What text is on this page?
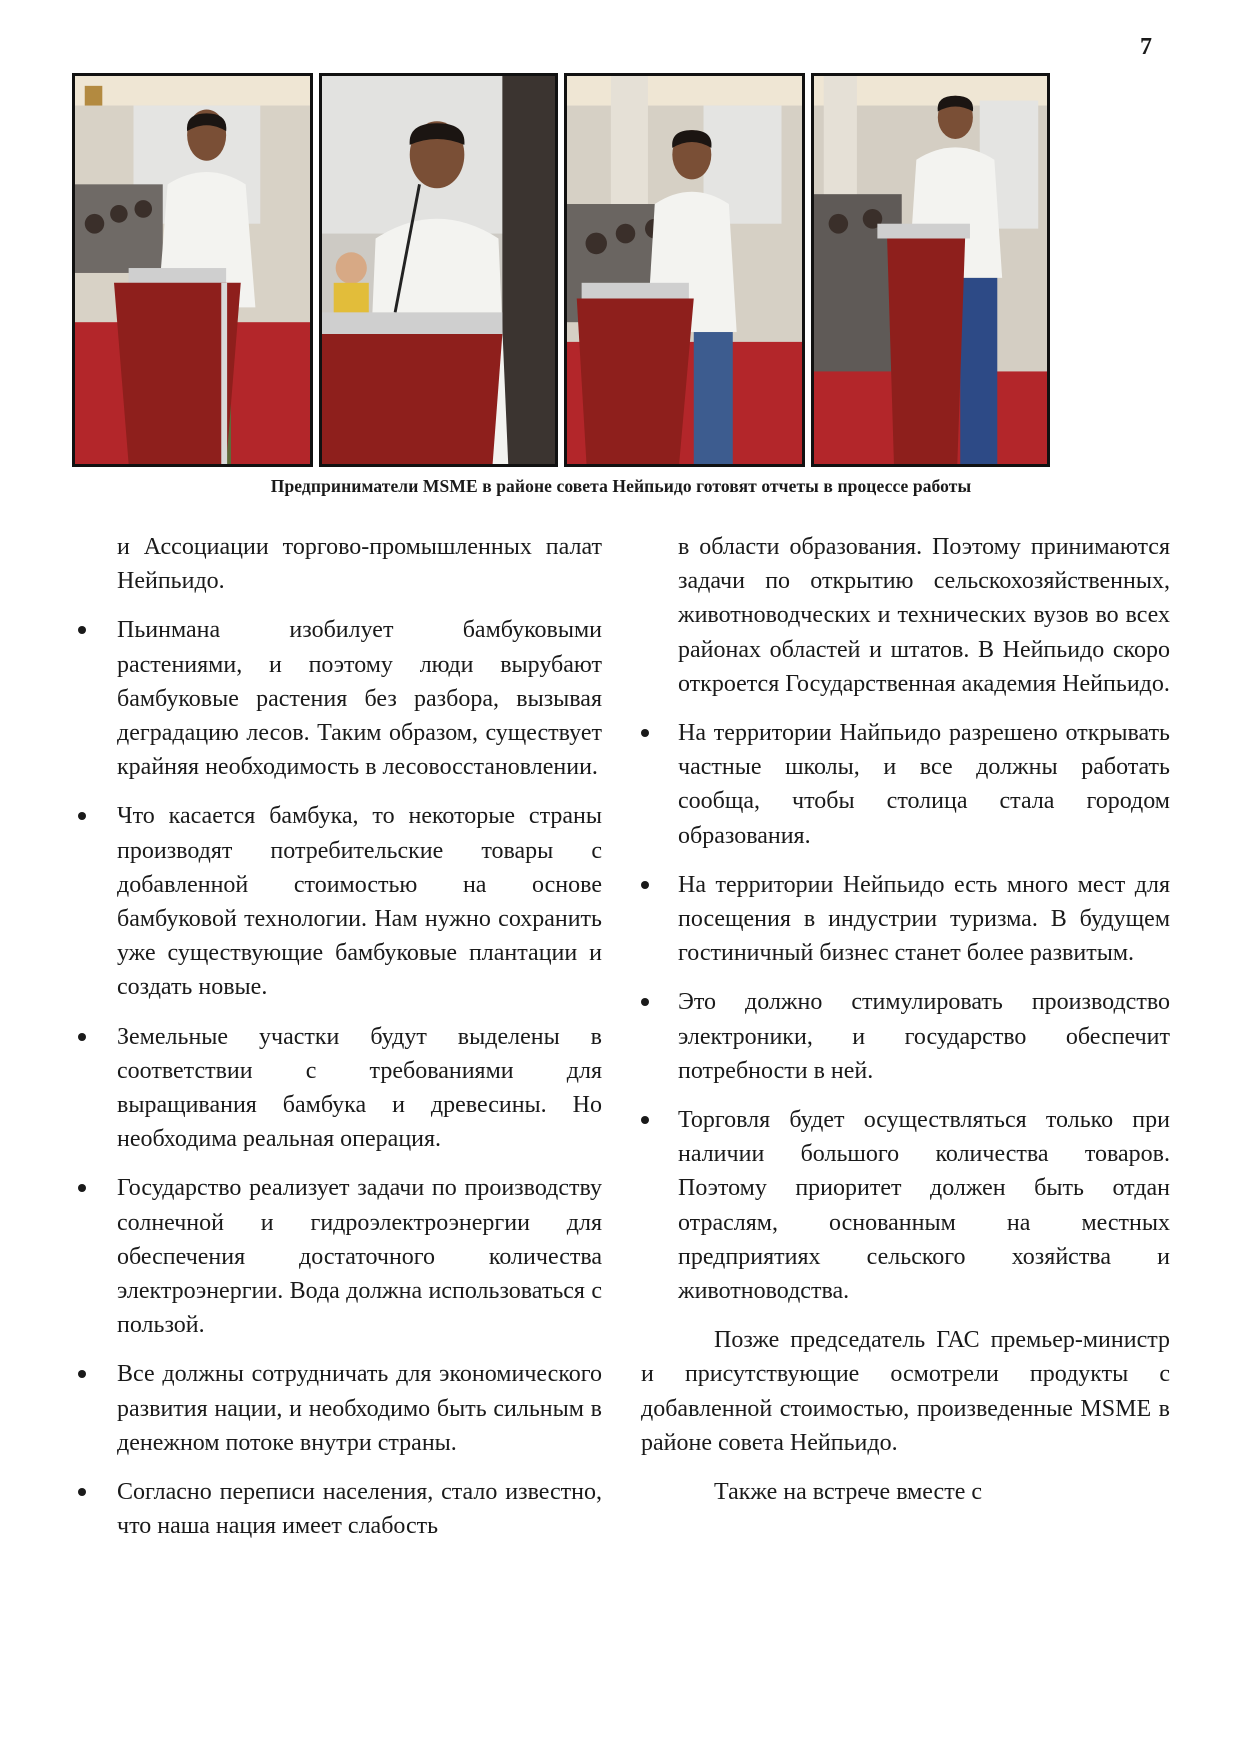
7
Предприниматели MSME в районе совета Нейпьидо готовят отчеты в процессе работы

и Ассоциации торгово-промышленных палат Нейпьидо.

Пьинмана изобилует бамбуковыми растениями, и поэтому люди вырубают бамбуковые растения без разбора, вызывая деградацию лесов. Таким образом, существует крайняя необходимость в лесовосстановлении.
Что касается бамбука, то некоторые страны производят потребительские товары с добавленной стоимостью на основе бамбуковой технологии. Нам нужно сохранить уже существующие бамбуковые плантации и создать новые.
Земельные участки будут выделены в соответствии с требованиями для выращивания бамбука и древесины. Но необходима реальная операция.
Государство реализует задачи по производству солнечной и гидроэлектроэнергии для обеспечения достаточного количества электроэнергии. Вода должна использоваться с пользой.
Все должны сотрудничать для экономического развития нации, и необходимо быть сильным в денежном потоке внутри страны.
Согласно переписи населения, стало известно, что наша нация имеет слабость

в области образования. Поэтому принимаются задачи по открытию сельскохозяйственных, животноводческих и технических вузов во всех районах областей и штатов. В Нейпьидо скоро откроется Государственная академия Нейпьидо.

На территории Найпьидо разрешено открывать частные школы, и все должны работать сообща, чтобы столица стала городом образования.
На территории Нейпьидо есть много мест для посещения в индустрии туризма. В будущем гостиничный бизнес станет более развитым.
Это должно стимулировать производство электроники, и государство обеспечит потребности в ней.
Торговля будет осуществляться только при наличии большого количества товаров. Поэтому приоритет должен быть отдан отраслям, основанным на местных предприятиях сельского хозяйства и животноводства.

Позже председатель ГАС премьер-министр и присутствующие осмотрели продукты с добавленной стоимостью, произведенные MSME в районе совета Нейпьидо.

Также на встрече вместе с
